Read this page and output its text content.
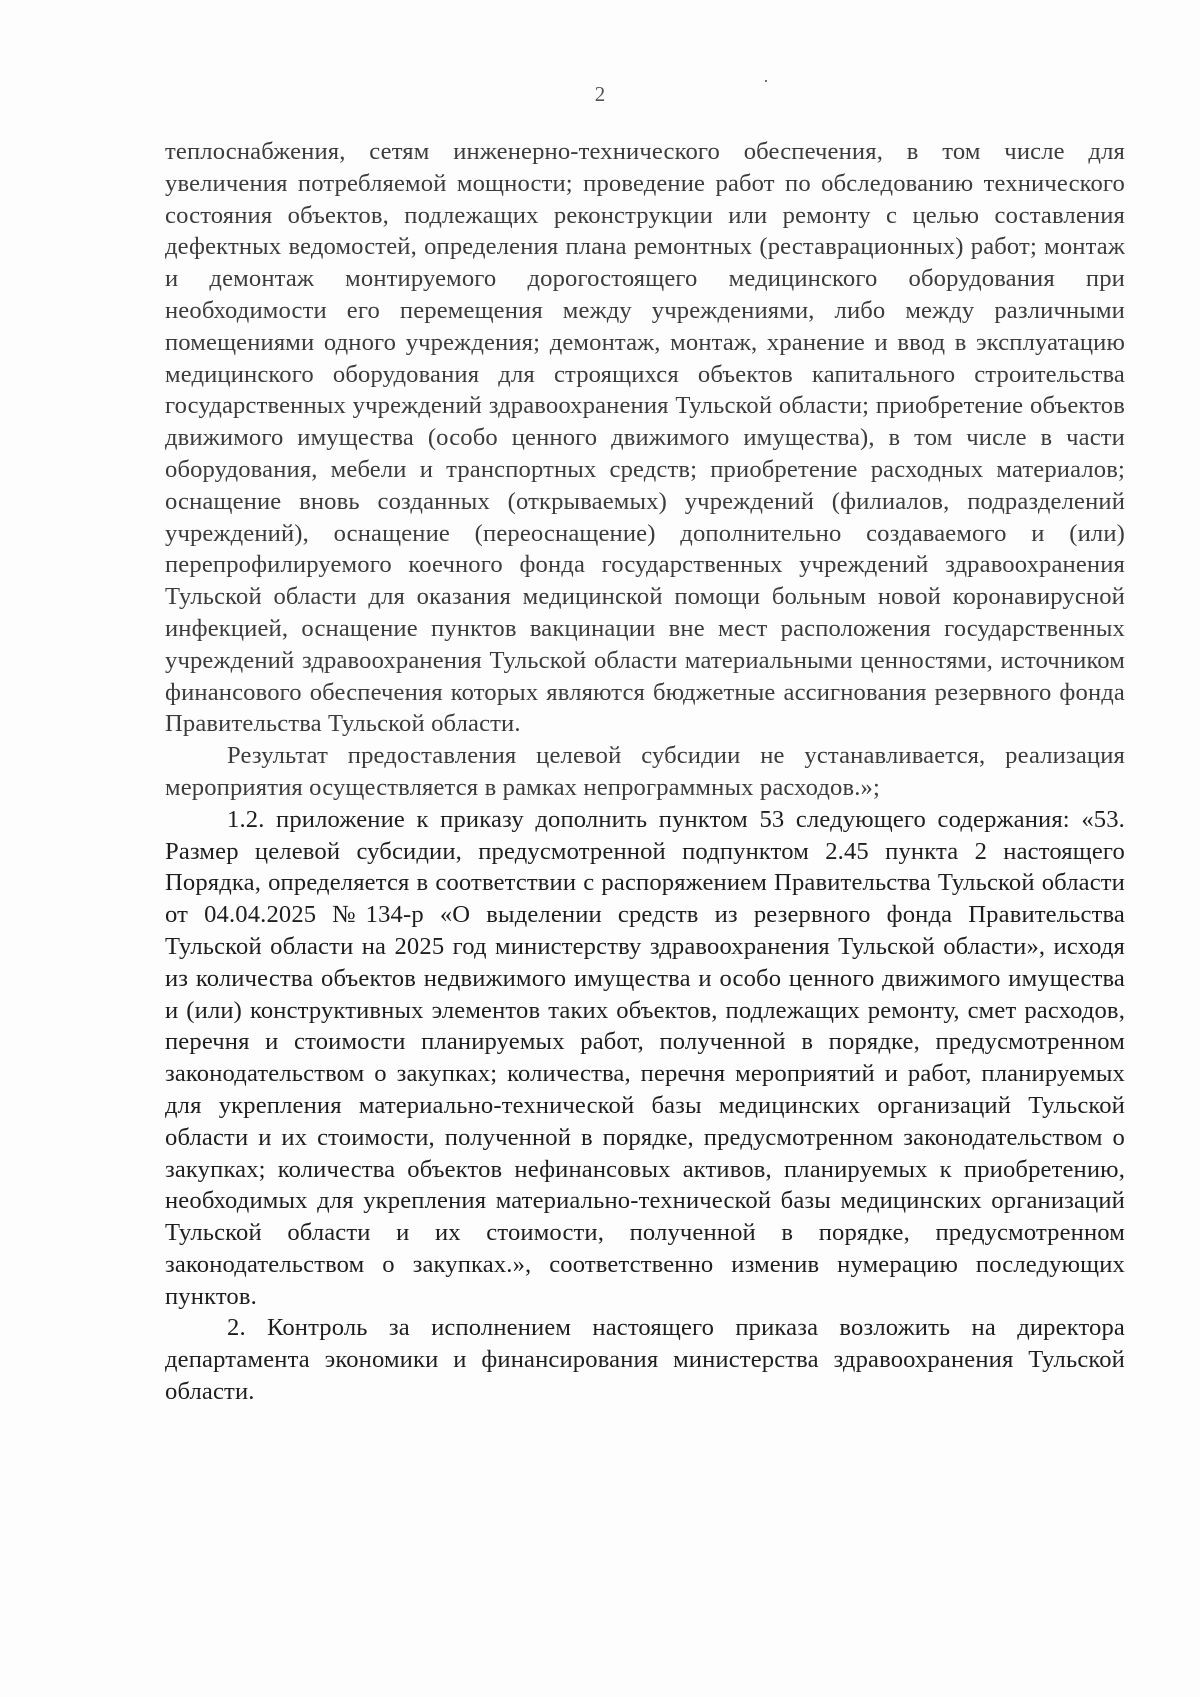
2

теплоснабжения, сетям инженерно-технического обеспечения, в том числе для увеличения потребляемой мощности; проведение работ по обследованию технического состояния объектов, подлежащих реконструкции или ремонту с целью составления дефектных ведомостей, определения плана ремонтных (реставрационных) работ; монтаж и демонтаж монтируемого дорогостоящего медицинского оборудования при необходимости его перемещения между учреждениями, либо между различными помещениями одного учреждения; демонтаж, монтаж, хранение и ввод в эксплуатацию медицинского оборудования для строящихся объектов капитального строительства государственных учреждений здравоохранения Тульской области; приобретение объектов движимого имущества (особо ценного движимого имущества), в том числе в части оборудования, мебели и транспортных средств; приобретение расходных материалов; оснащение вновь созданных (открываемых) учреждений (филиалов, подразделений учреждений), оснащение (переоснащение) дополнительно создаваемого и (или) перепрофилируемого коечного фонда государственных учреждений здравоохранения Тульской области для оказания медицинской помощи больным новой коронавирусной инфекцией, оснащение пунктов вакцинации вне мест расположения государственных учреждений здравоохранения Тульской области материальными ценностями, источником финансового обеспечения которых являются бюджетные ассигнования резервного фонда Правительства Тульской области.

Результат предоставления целевой субсидии не устанавливается, реализация мероприятия осуществляется в рамках непрограммных расходов.»;

1.2. приложение к приказу дополнить пунктом 53 следующего содержания: «53. Размер целевой субсидии, предусмотренной подпунктом 2.45 пункта 2 настоящего Порядка, определяется в соответствии с распоряжением Правительства Тульской области от 04.04.2025 №134-р «О выделении средств из резервного фонда Правительства Тульской области на 2025 год министерству здравоохранения Тульской области», исходя из количества объектов недвижимого имущества и особо ценного движимого имущества и (или) конструктивных элементов таких объектов, подлежащих ремонту, смет расходов, перечня и стоимости планируемых работ, полученной в порядке, предусмотренном законодательством о закупках; количества, перечня мероприятий и работ, планируемых для укрепления материально-технической базы медицинских организаций Тульской области и их стоимости, полученной в порядке, предусмотренном законодательством о закупках; количества объектов нефинансовых активов, планируемых к приобретению, необходимых для укрепления материально-технической базы медицинских организаций Тульской области и их стоимости, полученной в порядке, предусмотренном законодательством о закупках.», соответственно изменив нумерацию последующих пунктов.

2. Контроль за исполнением настоящего приказа возложить на директора департамента экономики и финансирования министерства здравоохранения Тульской области.
